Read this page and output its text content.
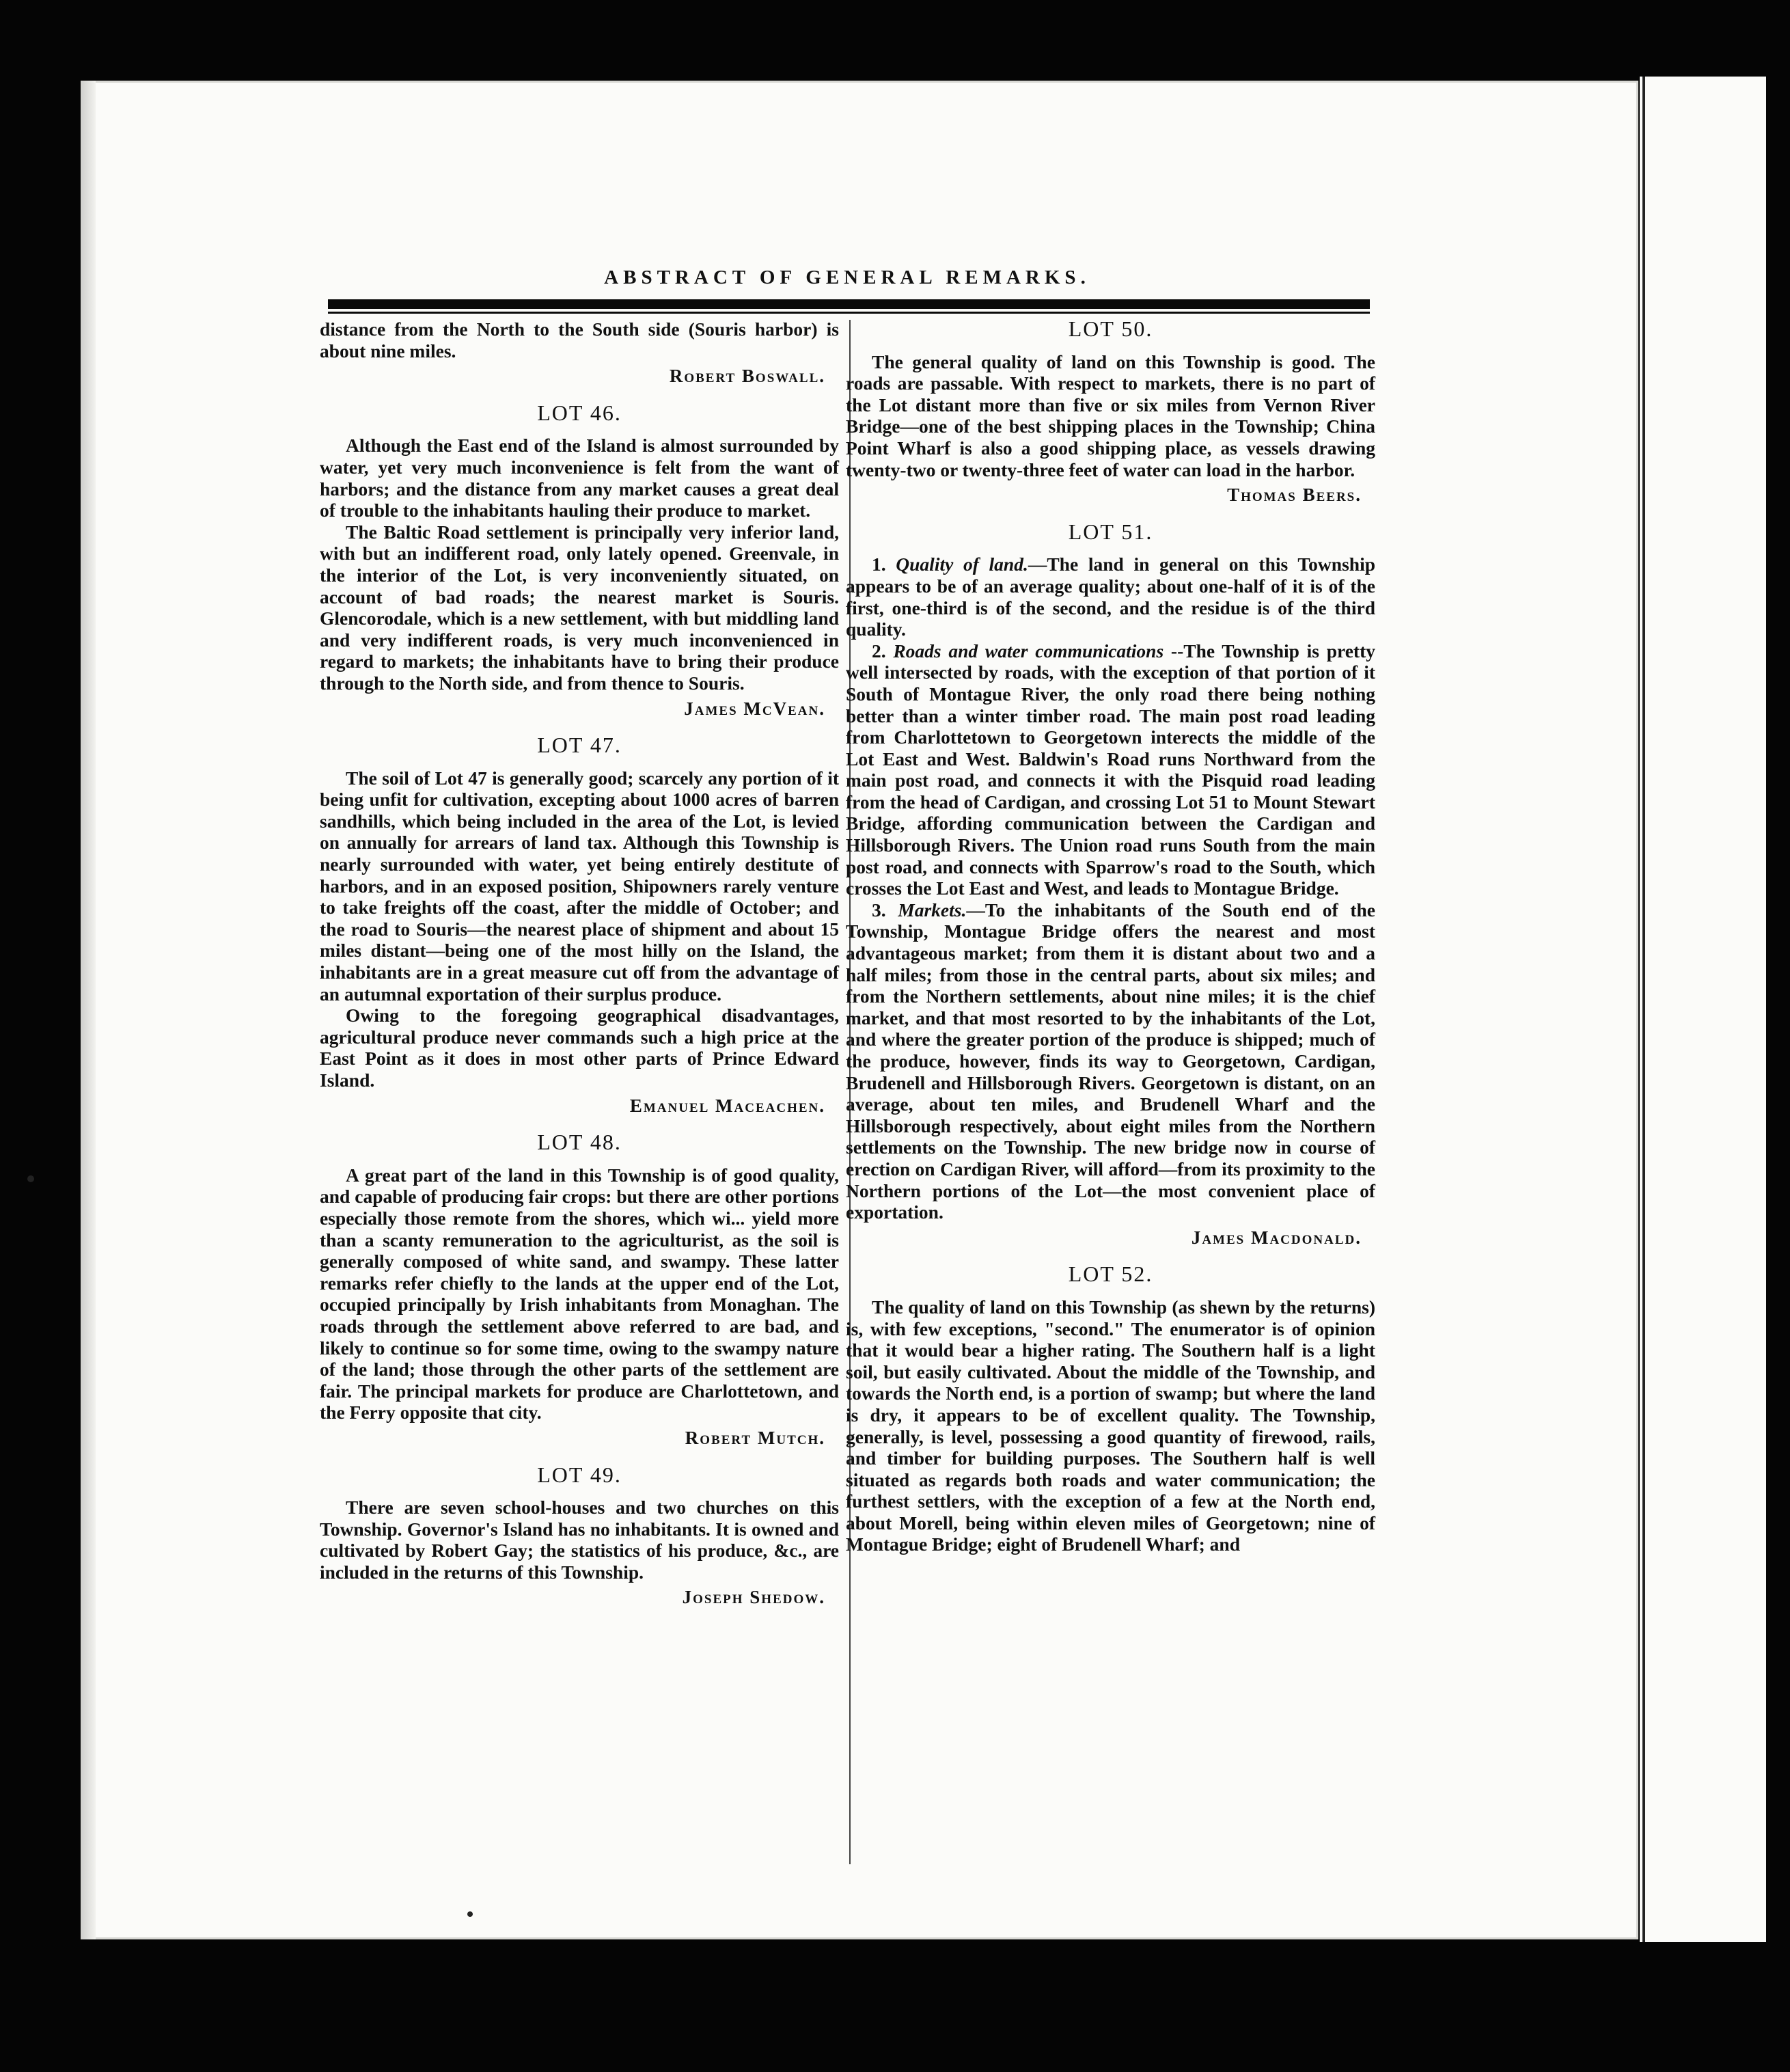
ABSTRACT OF GENERAL REMARKS.

distance from the North to the South side (Souris harbor) is about nine miles.

Robert Boswall.
LOT 46.

Although the East end of the Island is almost surrounded by water, yet very much inconvenience is felt from the want of harbors; and the distance from any market causes a great deal of trouble to the inhabitants hauling their produce to market.

The Baltic Road settlement is principally very inferior land, with but an indifferent road, only lately opened. Greenvale, in the interior of the Lot, is very inconveniently situated, on account of bad roads; the nearest market is Souris. Glencorodale, which is a new settlement, with but middling land and very indifferent roads, is very much inconvenienced in regard to markets; the inhabitants have to bring their produce through to the North side, and from thence to Souris.

James McVean.
LOT 47.

The soil of Lot 47 is generally good; scarcely any portion of it being unfit for cultivation, excepting about 1000 acres of barren sandhills, which being included in the area of the Lot, is levied on annually for arrears of land tax. Although this Township is nearly surrounded with water, yet being entirely destitute of harbors, and in an exposed position, Shipowners rarely venture to take freights off the coast, after the middle of October; and the road to Souris—the nearest place of shipment and about 15 miles distant—being one of the most hilly on the Island, the inhabitants are in a great measure cut off from the advantage of an autumnal exportation of their surplus produce.

Owing to the foregoing geographical disadvantages, agricultural produce never commands such a high price at the East Point as it does in most other parts of Prince Edward Island.

Emanuel Maceachen.
LOT 48.

A great part of the land in this Township is of good quality, and capable of producing fair crops: but there are other portions especially those remote from the shores, which wi... yield more than a scanty remuneration to the agriculturist, as the soil is generally composed of white sand, and swampy. These latter remarks refer chiefly to the lands at the upper end of the Lot, occupied principally by Irish inhabitants from Monaghan. The roads through the settlement above referred to are bad, and likely to continue so for some time, owing to the swampy nature of the land; those through the other parts of the settlement are fair. The principal markets for produce are Charlottetown, and the Ferry opposite that city.

Robert Mutch.
LOT 49.

There are seven school-houses and two churches on this Township. Governor's Island has no inhabitants. It is owned and cultivated by Robert Gay; the statistics of his produce, &c., are included in the returns of this Township.

Joseph Shedow.
LOT 50.

The general quality of land on this Township is good. The roads are passable. With respect to markets, there is no part of the Lot distant more than five or six miles from Vernon River Bridge—one of the best shipping places in the Township; China Point Wharf is also a good shipping place, as vessels drawing twenty-two or twenty-three feet of water can load in the harbor.

Thomas Beers.
LOT 51.

1. Quality of land.—The land in general on this Township appears to be of an average quality; about one-half of it is of the first, one-third is of the second, and the residue is of the third quality.

2. Roads and water communications --The Township is pretty well intersected by roads, with the exception of that portion of it South of Montague River, the only road there being nothing better than a winter timber road. The main post road leading from Charlottetown to Georgetown interects the middle of the Lot East and West. Baldwin's Road runs Northward from the main post road, and connects it with the Pisquid road leading from the head of Cardigan, and crossing Lot 51 to Mount Stewart Bridge, affording communication between the Cardigan and Hillsborough Rivers. The Union road runs South from the main post road, and connects with Sparrow's road to the South, which crosses the Lot East and West, and leads to Montague Bridge.

3. Markets.—To the inhabitants of the South end of the Township, Montague Bridge offers the nearest and most advantageous market; from them it is distant about two and a half miles; from those in the central parts, about six miles; and from the Northern settlements, about nine miles; it is the chief market, and that most resorted to by the inhabitants of the Lot, and where the greater portion of the produce is shipped; much of the produce, however, finds its way to Georgetown, Cardigan, Brudenell and Hillsborough Rivers. Georgetown is distant, on an average, about ten miles, and Brudenell Wharf and the Hillsborough respectively, about eight miles from the Northern settlements on the Township. The new bridge now in course of erection on Cardigan River, will afford—from its proximity to the Northern portions of the Lot—the most convenient place of exportation.

James Macdonald.
LOT 52.

The quality of land on this Township (as shewn by the returns) is, with few exceptions, "second." The enumerator is of opinion that it would bear a higher rating. The Southern half is a light soil, but easily cultivated. About the middle of the Township, and towards the North end, is a portion of swamp; but where the land is dry, it appears to be of excellent quality. The Township, generally, is level, possessing a good quantity of firewood, rails, and timber for building purposes. The Southern half is well situated as regards both roads and water communication; the furthest settlers, with the exception of a few at the North end, about Morell, being within eleven miles of Georgetown; nine of Montague Bridge; eight of Brudenell Wharf; and
